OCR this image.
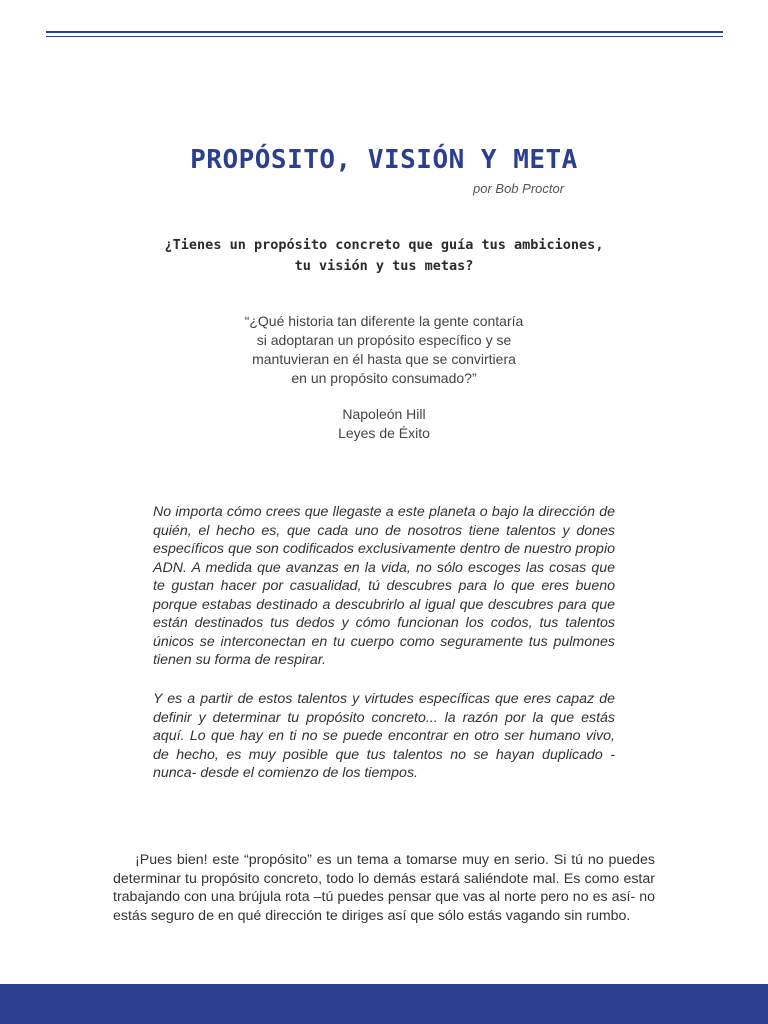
PROPÓSITO, VISIÓN Y META
por Bob Proctor
¿Tienes un propósito concreto que guía tus ambiciones,
tu visión y tus metas?
“¿Qué historia tan diferente la gente contaría
si adoptaran un propósito específico y se
mantuvieran en él hasta que se convirtiera
en un propósito consumado?”
Napoleón Hill
Leyes de Éxito

No importa cómo crees que llegaste a este planeta o bajo la dirección de quién, el hecho es, que cada uno de nosotros tiene talentos y dones específicos que son codificados exclusivamente dentro de nuestro propio ADN. A medida que avanzas en la vida, no sólo escoges las cosas que te gustan hacer por casualidad, tú descubres para lo que eres bueno porque estabas destinado a descubrirlo al igual que descubres para que están destinados tus dedos y cómo funcionan los codos, tus talentos únicos se interconectan en tu cuerpo como seguramente tus pulmones tienen su forma de respirar.

Y es a partir de estos talentos y virtudes específicas que eres capaz de definir y determinar tu propósito concreto... la razón por la que estás aquí. Lo que hay en ti no se puede encontrar en otro ser humano vivo, de hecho, es muy posible que tus talentos no se hayan duplicado -nunca- desde el comienzo de los tiempos.

¡Pues bien! este “propósito” es un tema a tomarse muy en serio. Si tú no puedes determinar tu propósito concreto, todo lo demás estará saliéndote mal. Es como estar trabajando con una brújula rota –tú puedes pensar que vas al norte pero no es así- no estás seguro de en qué dirección te diriges así que sólo estás vagando sin rumbo.
